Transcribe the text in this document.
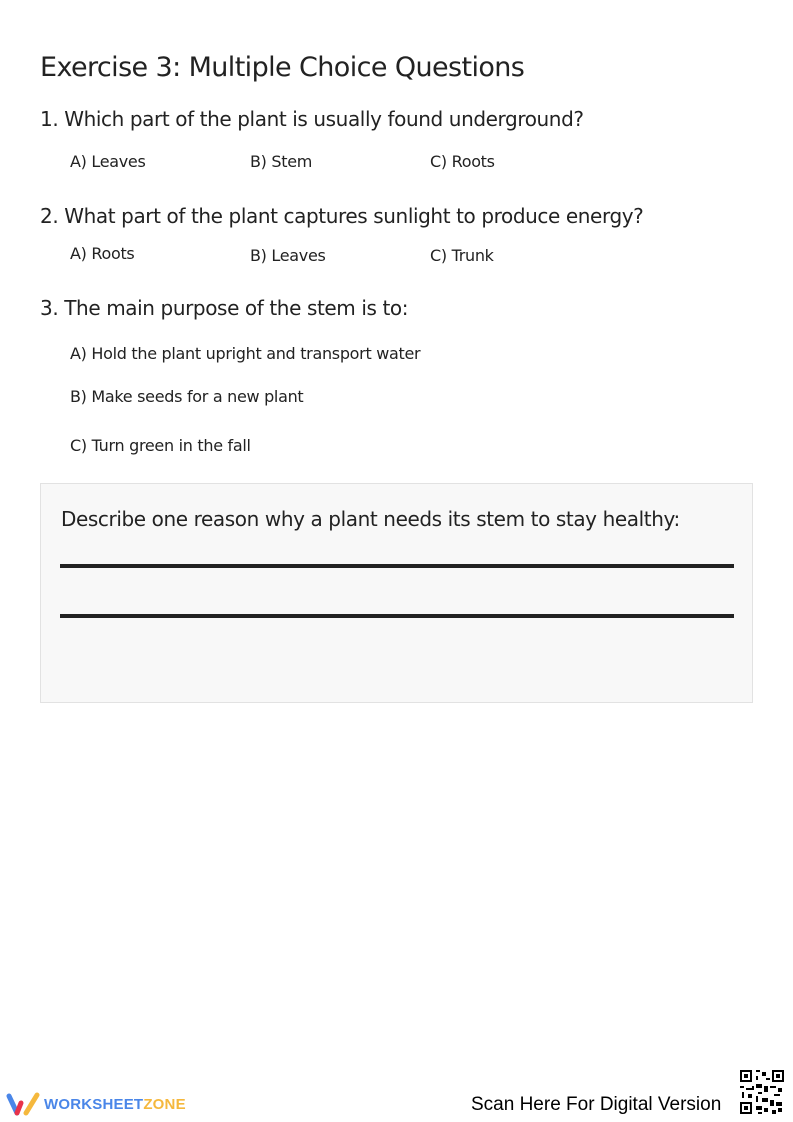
Exercise 3: Multiple Choice Questions
1. Which part of the plant is usually found underground?
A) Leaves	B) Stem	C) Roots
2. What part of the plant captures sunlight to produce energy?
A) Roots	B) Leaves	C) Trunk
3. The main purpose of the stem is to:
A) Hold the plant upright and transport water
B) Make seeds for a new plant
C) Turn green in the fall
Describe one reason why a plant needs its stem to stay healthy:
WORKSHEETZONE	Scan Here For Digital Version
